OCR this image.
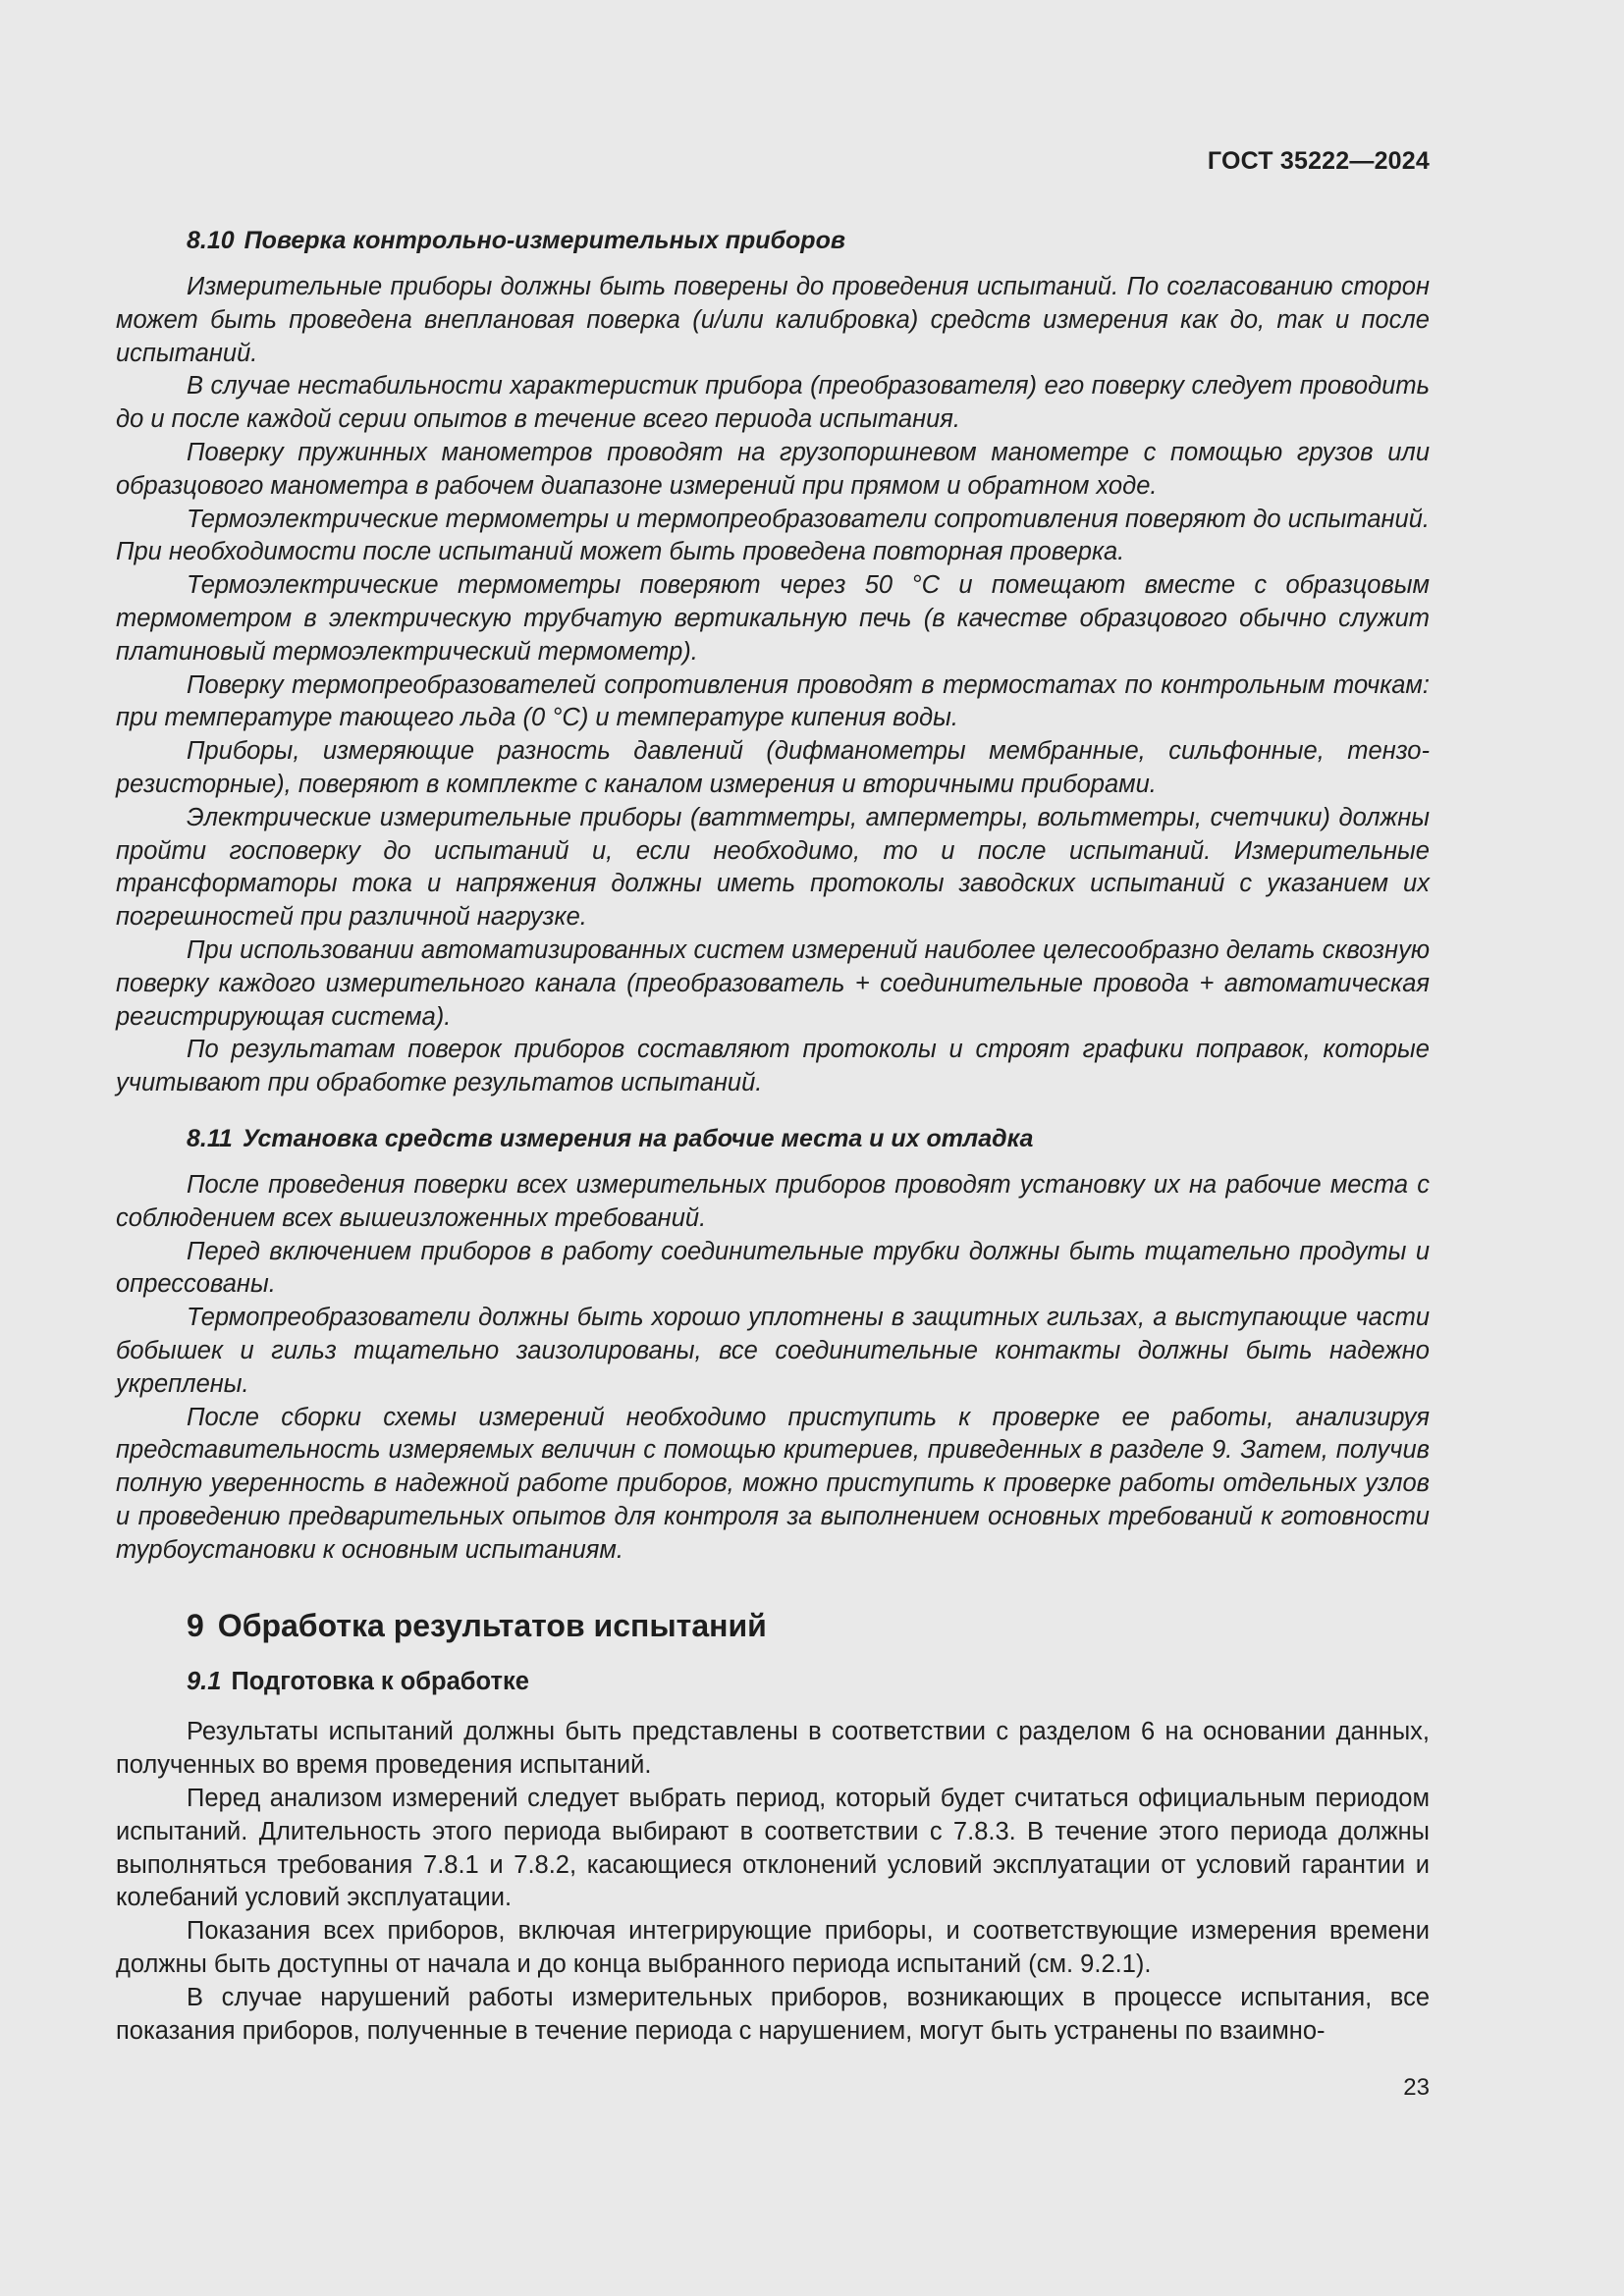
ГОСТ 35222—2024
8.10 Поверка контрольно-измерительных приборов

Измерительные приборы должны быть поверены до проведения испытаний. По согласованию сторон может быть проведена внеплановая поверка (и/или калибровка) средств измерения как до, так и после испытаний.

В случае нестабильности характеристик прибора (преобразователя) его поверку следует проводить до и после каждой серии опытов в течение всего периода испытания.

Поверку пружинных манометров проводят на грузопоршневом манометре с помощью грузов или образцового манометра в рабочем диапазоне измерений при прямом и обратном ходе.

Термоэлектрические термометры и термопреобразователи сопротивления поверяют до испытаний. При необходимости после испытаний может быть проведена повторная проверка.

Термоэлектрические термометры поверяют через 50 °С и помещают вместе с образцовым термометром в электрическую трубчатую вертикальную печь (в качестве образцового обычно служит платиновый термоэлектрический термометр).

Поверку термопреобразователей сопротивления проводят в термостатах по контрольным точкам: при температуре тающего льда (0 °С) и температуре кипения воды.

Приборы, измеряющие разность давлений (дифманометры мембранные, сильфонные, тензорезисторные), поверяют в комплекте с каналом измерения и вторичными приборами.

Электрические измерительные приборы (ваттметры, амперметры, вольтметры, счетчики) должны пройти госповерку до испытаний и, если необходимо, то и после испытаний. Измерительные трансформаторы тока и напряжения должны иметь протоколы заводских испытаний с указанием их погрешностей при различной нагрузке.

При использовании автоматизированных систем измерений наиболее целесообразно делать сквозную поверку каждого измерительного канала (преобразователь + соединительные провода + автоматическая регистрирующая система).

По результатам поверок приборов составляют протоколы и строят графики поправок, которые учитывают при обработке результатов испытаний.

8.11 Установка средств измерения на рабочие места и их отладка

После проведения поверки всех измерительных приборов проводят установку их на рабочие места с соблюдением всех вышеизложенных требований.

Перед включением приборов в работу соединительные трубки должны быть тщательно продуты и опрессованы.

Термопреобразователи должны быть хорошо уплотнены в защитных гильзах, а выступающие части бобышек и гильз тщательно заизолированы, все соединительные контакты должны быть надежно укреплены.

После сборки схемы измерений необходимо приступить к проверке ее работы, анализируя представительность измеряемых величин с помощью критериев, приведенных в разделе 9. Затем, получив полную уверенность в надежной работе приборов, можно приступить к проверке работы отдельных узлов и проведению предварительных опытов для контроля за выполнением основных требований к готовности турбоустановки к основным испытаниям.

9 Обработка результатов испытаний
9.1 Подготовка к обработке

Результаты испытаний должны быть представлены в соответствии с разделом 6 на основании данных, полученных во время проведения испытаний.

Перед анализом измерений следует выбрать период, который будет считаться официальным периодом испытаний. Длительность этого периода выбирают в соответствии с 7.8.3. В течение этого периода должны выполняться требования 7.8.1 и 7.8.2, касающиеся отклонений условий эксплуатации от условий гарантии и колебаний условий эксплуатации.

Показания всех приборов, включая интегрирующие приборы, и соответствующие измерения времени должны быть доступны от начала и до конца выбранного периода испытаний (см. 9.2.1).

В случае нарушений работы измерительных приборов, возникающих в процессе испытания, все показания приборов, полученные в течение периода с нарушением, могут быть устранены по взаимно-

23
